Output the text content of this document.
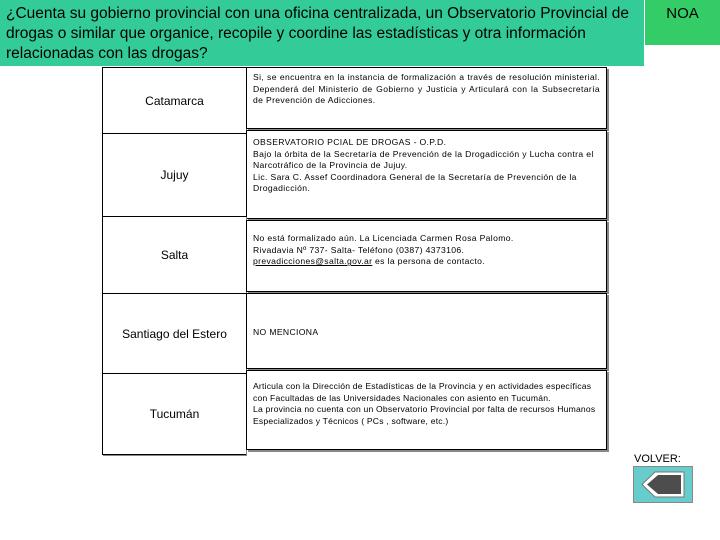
¿Cuenta su gobierno provincial con una oficina centralizada, un Observatorio Provincial de drogas o similar que organice, recopile y coordine las estadísticas y otra información relacionadas con las drogas?
NOA
Catamarca

Si, se encuentra en la instancia de formalización a través de resolución ministerial. Dependerá del Ministerio de Gobierno y Justicia y Articulará con la Subsecretaría de Prevención de Adicciones.

Jujuy

OBSERVATORIO PCIAL DE DROGAS - O.P.D.

Bajo la órbita de la Secretaría de Prevención de la Drogadicción y Lucha contra el Narcotráfico de la Provincia de Jujuy.

Lic. Sara C. Assef Coordinadora General de la Secretaría de Prevención de la Drogadicción.

Salta

No está formalizado aún. La Licenciada Carmen Rosa Palomo.

Rivadavia Nº 737- Salta- Teléfono (0387) 4373106.

prevadicciones@salta.gov.ar es la persona de contacto.

Santiago del Estero	NO MENCIONA

Tucumán

Articula con la Dirección de Estadísticas de la Provincia y en actividades específicas con Facultadas de las Universidades Nacionales con asiento en Tucumán.

La provincia no cuenta con un Observatorio Provincial por falta de recursos Humanos Especializados y Técnicos ( PCs , software, etc.)

VOLVER:
